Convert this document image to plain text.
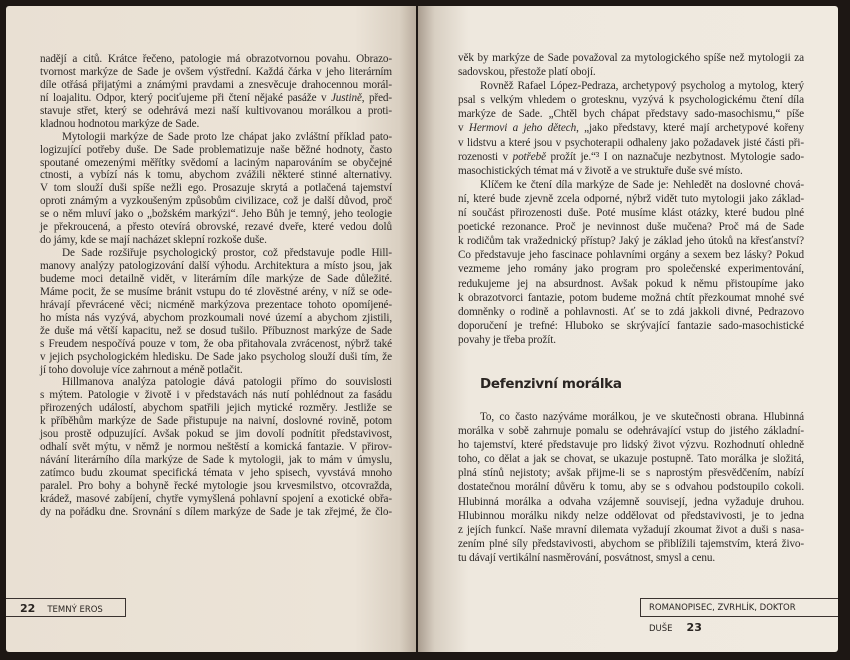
nadějí a citů. Krátce řečeno, patologie má obrazotvornou povahu. Obrazo-
tvornost markýze de Sade je ovšem výstřední. Každá čárka v jeho literárním
díle otřásá přijatými a známými pravdami a znesvěcuje drahocennou morál-
ní loajalitu. Odpor, který pociťujeme při čtení nějaké pasáže v Justině, před-
stavuje střet, který se odehrává mezi naší kultivovanou morálkou a proti-
kladnou hodnotou markýze de Sade.
Mytologii markýze de Sade proto lze chápat jako zvláštní příklad pato-
logizující potřeby duše. De Sade problematizuje naše běžné hodnoty, často
spoutané omezenými měřítky svědomí a laciným naparováním se obyčejné
ctnosti, a vybízí nás k tomu, abychom zvážili některé stinné alternativy.
V tom slouží duši spíše nežli ego. Prosazuje skrytá a potlačená tajemství
oproti známým a vyzkoušeným způsobům civilizace, což je další důvod, proč
se o něm mluví jako o „božském markýzi“. Jeho Bůh je temný, jeho teologie
je překroucená, a přesto otevírá obrovské, rezavé dveře, které vedou dolů
do jámy, kde se mají nacházet sklepní rozkoše duše.
De Sade rozšiřuje psychologický prostor, což představuje podle Hill-
manovy analýzy patologizování další výhodu. Architektura a místo jsou, jak
budeme moci detailně vidět, v literárním díle markýze de Sade důležité.
Máme pocit, že se musíme bránit vstupu do té zlověstné arény, v níž se ode-
hrávají převrácené věci; nicméně markýzova prezentace tohoto opomíjené-
ho místa nás vyzývá, abychom prozkoumali nové území a abychom zjistili,
že duše má větší kapacitu, než se dosud tušilo. Příbuznost markýze de Sade
s Freudem nespočívá pouze v tom, že oba přitahovala zvrácenost, nýbrž také
v jejich psychologickém hledisku. De Sade jako psycholog slouží duši tím, že
jí toho dovoluje více zahrnout a méně potlačit.
Hillmanova analýza patologie dává patologii přímo do souvislosti
s mýtem. Patologie v životě i v představách nás nutí pohlédnout za fasádu
přirozených událostí, abychom spatřili jejich mytické rozměry. Jestliže se
k příběhům markýze de Sade přistupuje na naivní, doslovné rovině, potom
jsou prostě odpuzující. Avšak pokud se jim dovolí podnítit představivost,
odhalí svět mýtu, v němž je normou neštěstí a komická fantazie. V přirov-
návání literárního díla markýze de Sade k mytologii, jak to mám v úmyslu,
zatímco budu zkoumat specifická témata v jeho spisech, vyvstává mnoho
paralel. Pro bohy a bohyně řecké mytologie jsou krvesmilstvo, otcovražda,
krádež, masové zabíjení, chytře vymyšlená pohlavní spojení a exotické obřa-
dy na pořádku dne. Srovnání s dílem markýze de Sade je tak zřejmé, že člo-
22 TEMNÝ EROS
věk by markýze de Sade považoval za mytologického spíše než mytologii za
sadovskou, přestože platí obojí.
Rovněž Rafael López-Pedraza, archetypový psycholog a mytolog, který
psal s velkým vhledem o grotesknu, vyzývá k psychologickému čtení díla
markýze de Sade. „Chtěl bych chápat představy sado-masochismu,“ píše
v Hermovi a jeho dětech, „jako představy, které mají archetypové kořeny
v lidstvu a které jsou v psychoterapii odhaleny jako požadavek jisté části při-
rozenosti v potřebě prožít je.“³ I on naznačuje nezbytnost. Mytologie sado-
masochistických témat má v životě a ve struktuře duše své místo.
Klíčem ke čtení díla markýze de Sade je: Nehledět na doslovné chová-
ní, které bude zjevně zcela odporné, nýbrž vidět tuto mytologii jako základ-
ní součást přirozenosti duše. Poté musíme klást otázky, které budou plné
poetické rezonance. Proč je nevinnost duše mučena? Proč má de Sade
k rodičům tak vražednický přístup? Jaký je základ jeho útoků na křesťanství?
Co představuje jeho fascinace pohlavními orgány a sexem bez lásky? Pokud
vezmeme jeho romány jako program pro společenské experimentování,
redukujeme jej na absurdnost. Avšak pokud k němu přistoupíme jako
k obrazotvorci fantazie, potom budeme možná chtít přezkoumat mnohé své
domněnky o rodině a pohlavnosti. Ať se to zdá jakkoli divné, Pedrazovo
doporučení je trefné: Hluboko se skrývající fantazie sado-masochistické
povahy je třeba prožít.
Defenzivní morálka
To, co často nazýváme morálkou, je ve skutečnosti obrana. Hlubinná
morálka v sobě zahrnuje pomalu se odehrávající vstup do jistého základní-
ho tajemství, které představuje pro lidský život výzvu. Rozhodnutí ohledně
toho, co dělat a jak se chovat, se ukazuje postupně. Tato morálka je složitá,
plná stínů nejistoty; avšak přijme-li se s naprostým přesvědčením, nabízí
dostatečnou morální důvěru k tomu, aby se s odvahou podstoupilo cokoli.
Hlubinná morálka a odvaha vzájemně souvisejí, jedna vyžaduje druhou.
Hlubinnou morálku nikdy nelze oddělovat od představivosti, je to jedna
z jejích funkcí. Naše mravní dilemata vyžadují zkoumat život a duši s nasa-
zením plné síly představivosti, abychom se přiblížili tajemstvím, která živo-
tu dávají vertikální nasměrování, posvátnost, smysl a cenu.
ROMANOPISEC, ZVRHLÍK, DOKTOR DUŠE 23
